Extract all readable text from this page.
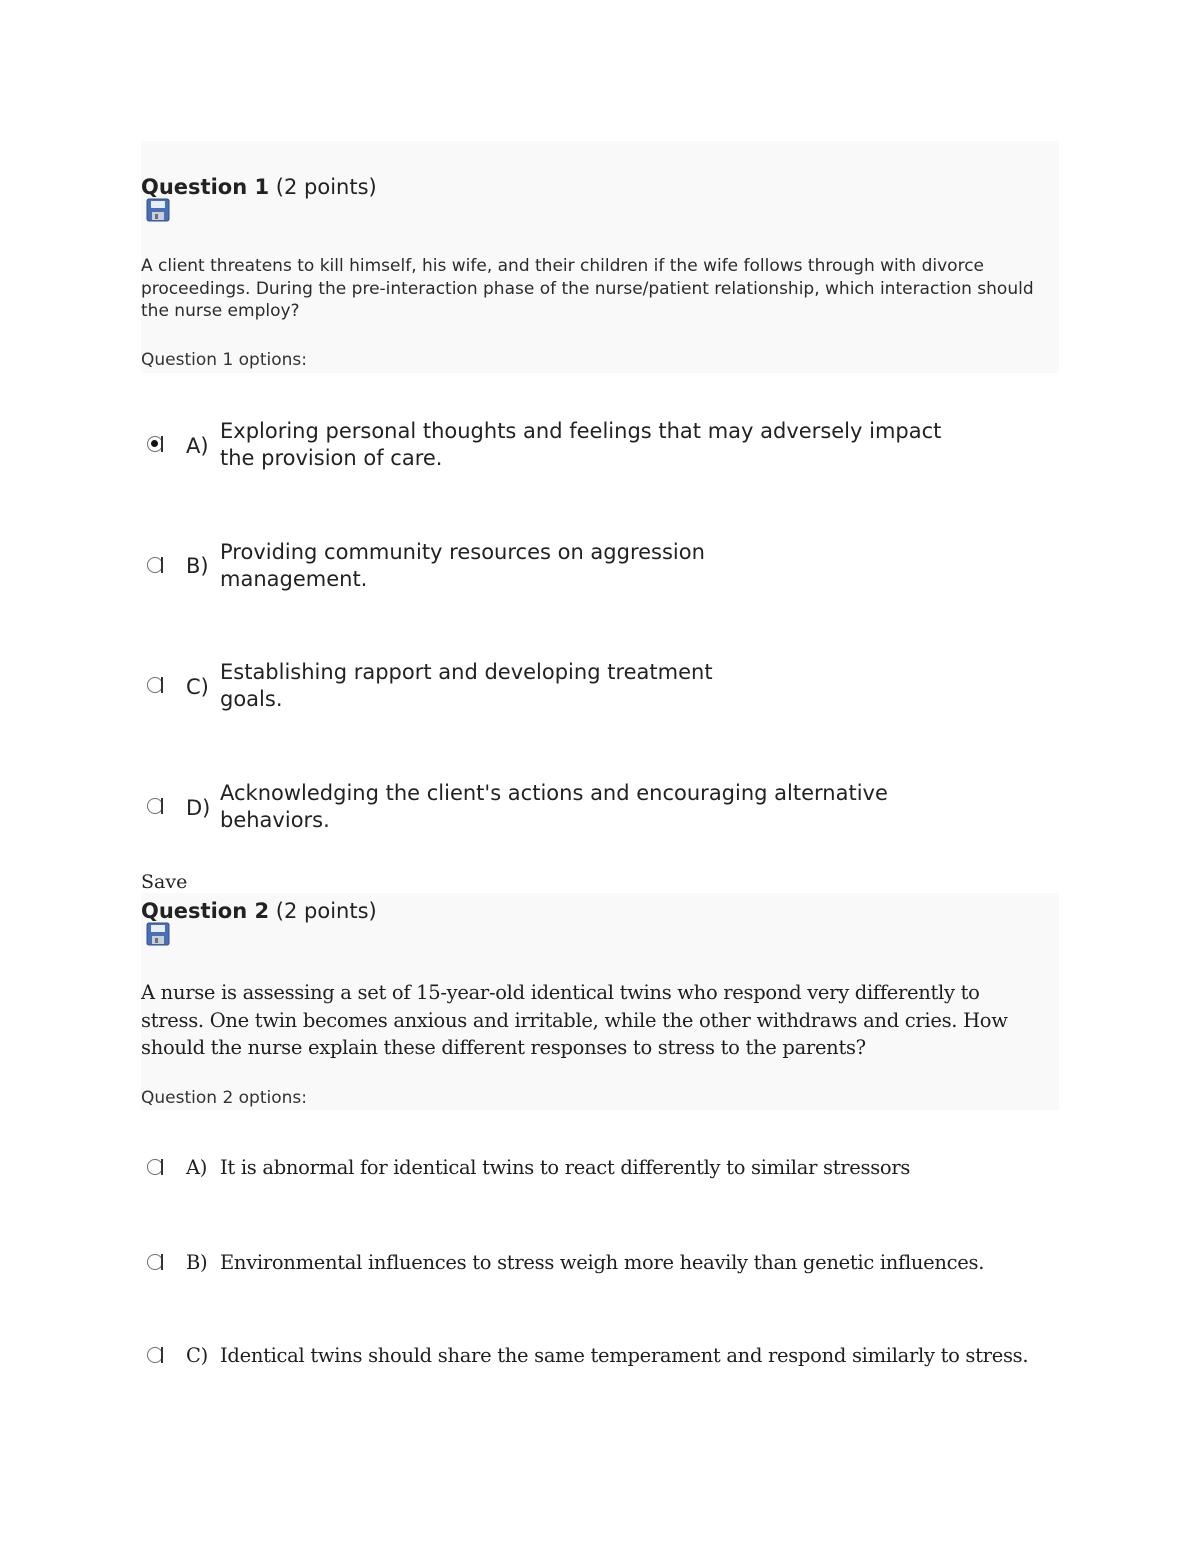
Question 1 (2 points)
A client threatens to kill himself, his wife, and their children if the wife follows through with divorce proceedings. During the pre-interaction phase of the nurse/patient relationship, which interaction should the nurse employ?
Question 1 options:
A)
Exploring personal thoughts and feelings that may adversely impact the provision of care.
B)
Providing community resources on aggression management.
C)
Establishing rapport and developing treatment goals.
D)
Acknowledging the client's actions and encouraging alternative behaviors.
Save
Question 2 (2 points)
A nurse is assessing a set of 15-year-old identical twins who respond very differently to stress. One twin becomes anxious and irritable, while the other withdraws and cries. How should the nurse explain these different responses to stress to the parents?
Question 2 options:
A) It is abnormal for identical twins to react differently to similar stressors
B) Environmental influences to stress weigh more heavily than genetic influences.
C) Identical twins should share the same temperament and respond similarly to stress.
